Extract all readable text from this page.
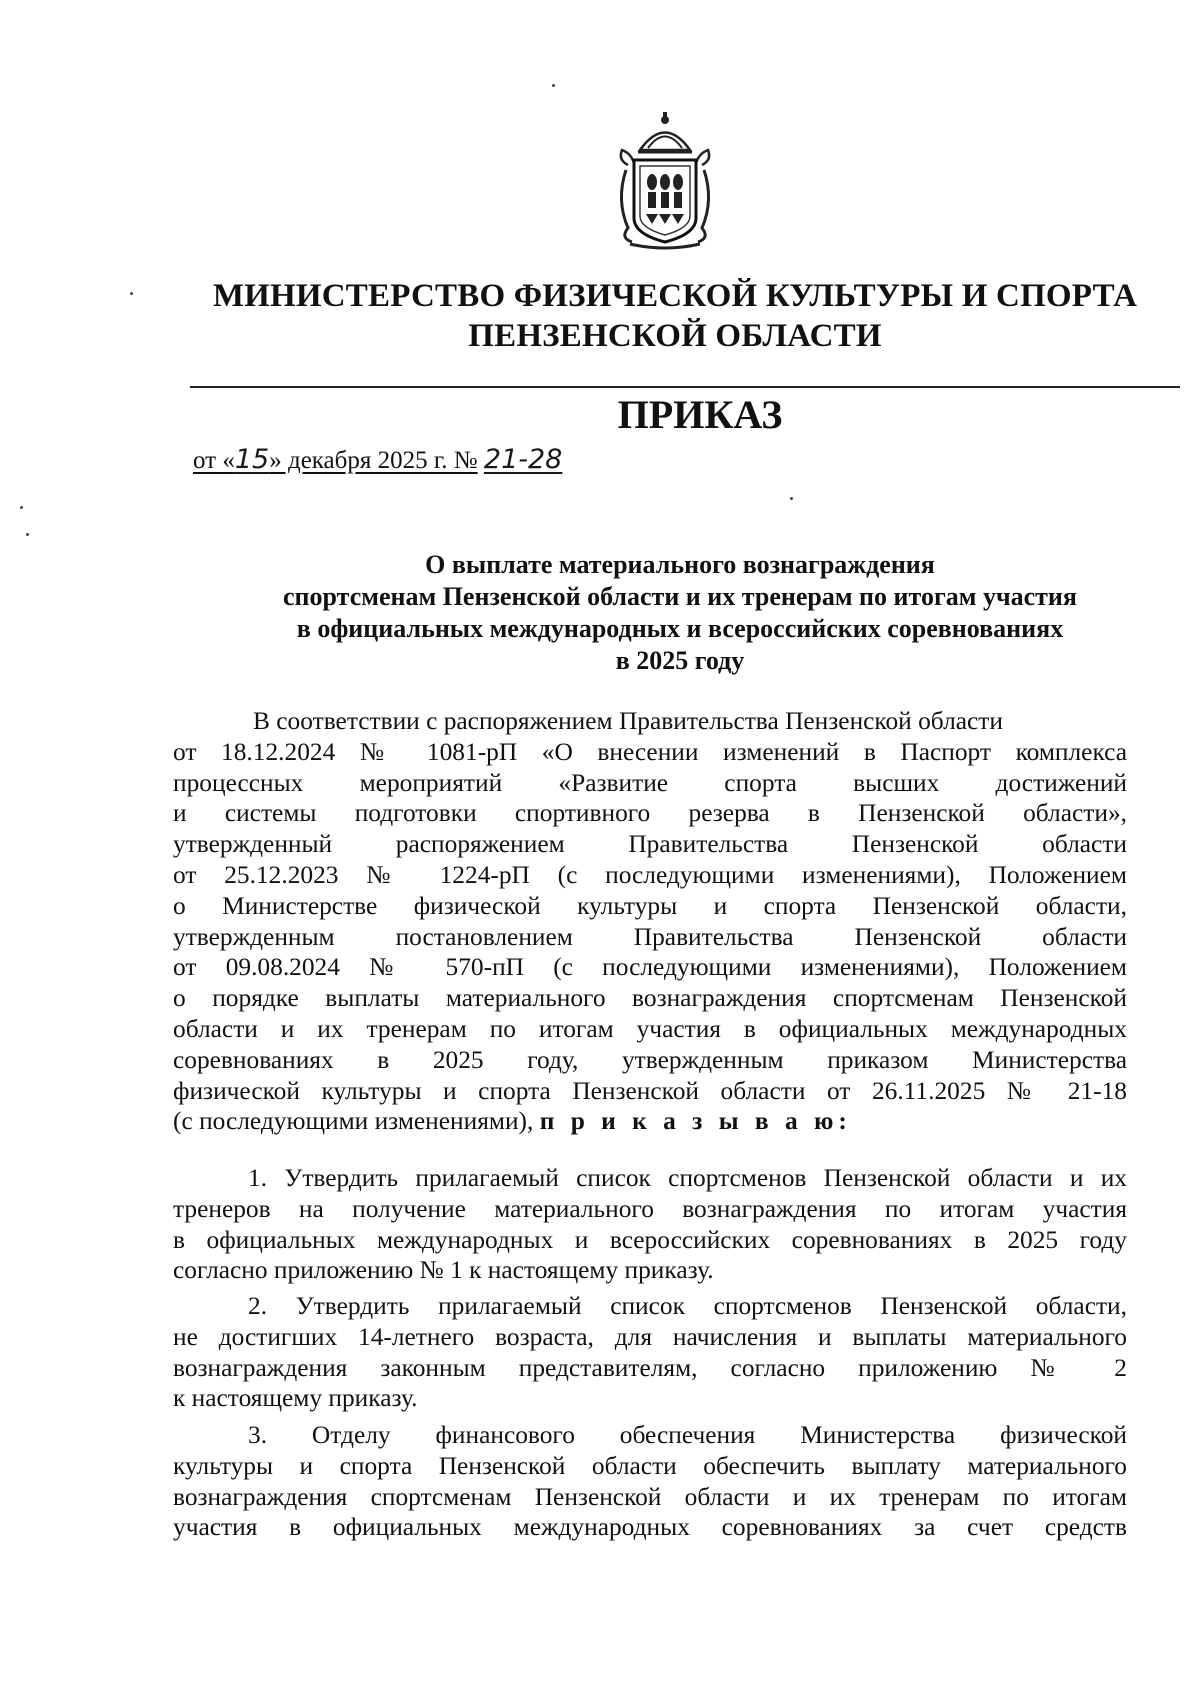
МИНИСТЕРСТВО ФИЗИЧЕСКОЙ КУЛЬТУРЫ И СПОРТА
ПЕНЗЕНСКОЙ ОБЛАСТИ
ПРИКАЗ
от «15» декабря 2025 г. № 21-28
О выплате материального вознаграждения
спортсменам Пензенской области и их тренерам по итогам участия
в официальных международных и всероссийских соревнованиях
в 2025 году
В соответствии с распоряжением Правительства Пензенской области
от 18.12.2024 № 1081-рП «О внесении изменений в Паспорт комплекса
процессных мероприятий «Развитие спорта высших достижений
и системы подготовки спортивного резерва в Пензенской области»,
утвержденный распоряжением Правительства Пензенской области
от 25.12.2023 № 1224-рП (с последующими изменениями), Положением
о Министерстве физической культуры и спорта Пензенской области,
утвержденным постановлением Правительства Пензенской области
от 09.08.2024 № 570-пП (с последующими изменениями), Положением
о порядке выплаты материального вознаграждения спортсменам Пензенской
области и их тренерам по итогам участия в официальных международных
соревнованиях в 2025 году, утвержденным приказом Министерства
физической культуры и спорта Пензенской области от 26.11.2025 № 21-18
(с последующими изменениями), п р и к а з ы в а ю:
1. Утвердить прилагаемый список спортсменов Пензенской области и их
тренеров на получение материального вознаграждения по итогам участия
в официальных международных и всероссийских соревнованиях в 2025 году
согласно приложению № 1 к настоящему приказу.
2. Утвердить прилагаемый список спортсменов Пензенской области,
не достигших 14-летнего возраста, для начисления и выплаты материального
вознаграждения законным представителям, согласно приложению № 2
к настоящему приказу.
3. Отделу финансового обеспечения Министерства физической
культуры и спорта Пензенской области обеспечить выплату материального
вознаграждения спортсменам Пензенской области и их тренерам по итогам
участия в официальных международных соревнованиях за счет средств
